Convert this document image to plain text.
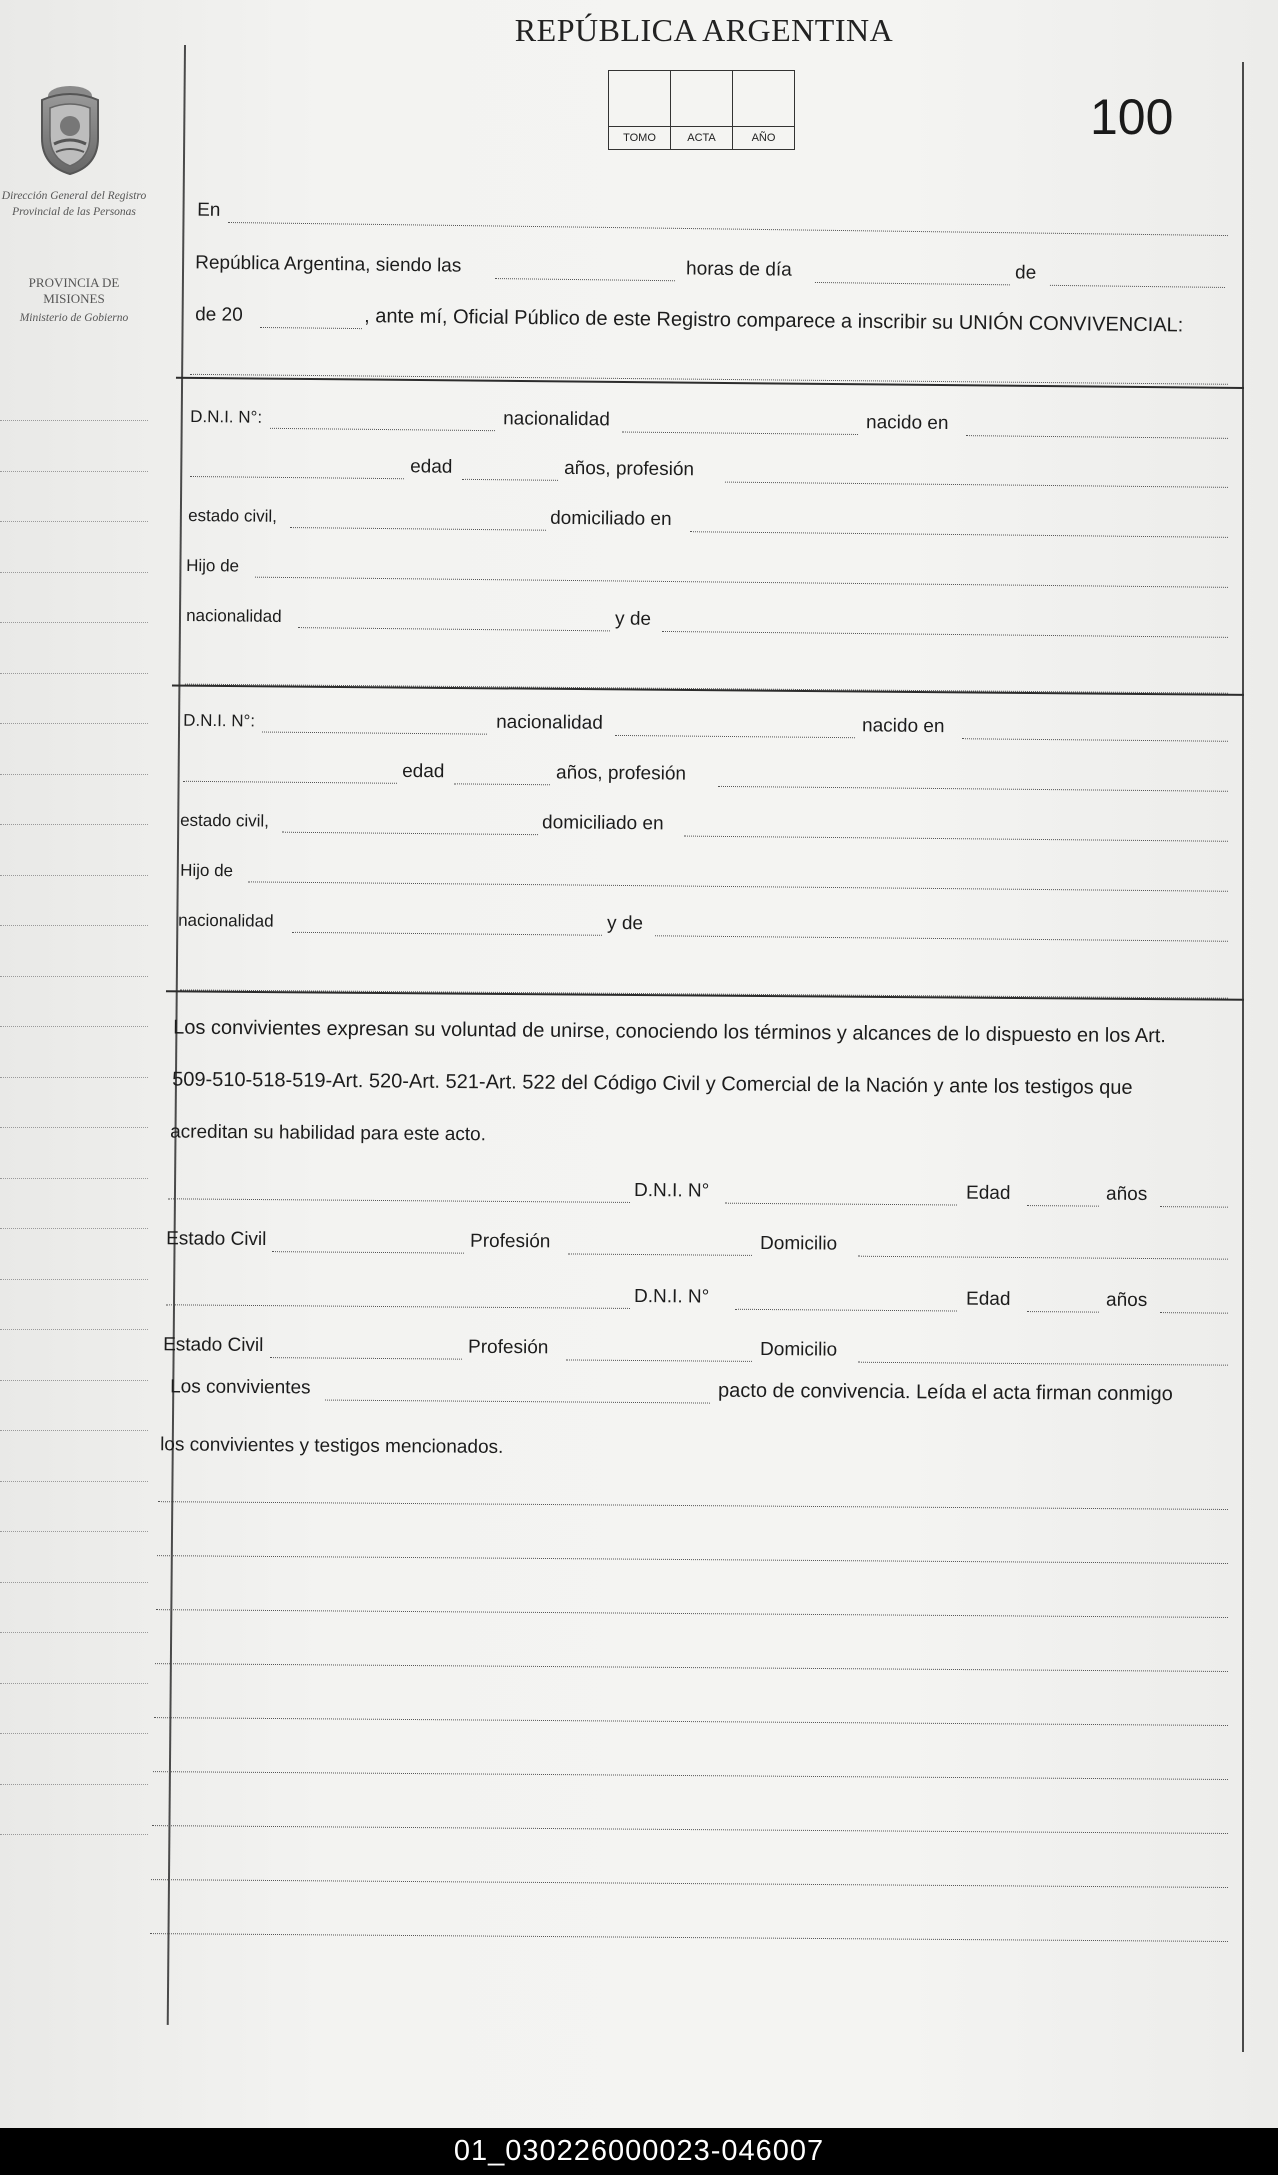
REPÚBLICA ARGENTINA
TOMO	ACTA	AÑO	100
Dirección General del Registro Provincial de las Personas
PROVINCIA DE MISIONES
Ministerio de Gobierno
En
República Argentina, siendo las	horas de día	de
de 20	, ante mí, Oficial Público de este Registro comparece a inscribir su UNIÓN CONVIVENCIAL:
D.N.I. N°:	nacionalidad	nacido en
edad	años, profesión
estado civil,	domiciliado en
Hijo de
nacionalidad	y de
D.N.I. N°:	nacionalidad	nacido en
edad	años, profesión
estado civil,	domiciliado en
Hijo de
nacionalidad	y de
Los convivientes expresan su voluntad de unirse, conociendo los términos y alcances de lo dispuesto en los Art.
509-510-518-519-Art. 520-Art. 521-Art. 522 del Código Civil y Comercial de la Nación y ante los testigos que
acreditan su habilidad para este acto.
D.N.I. N°	Edad	años
Estado Civil	Profesión	Domicilio
D.N.I. N°	Edad	años
Estado Civil	Profesión	Domicilio
Los convivientes	pacto de convivencia. Leída el acta firman conmigo
los convivientes y testigos mencionados.
01_030226000023-046007
